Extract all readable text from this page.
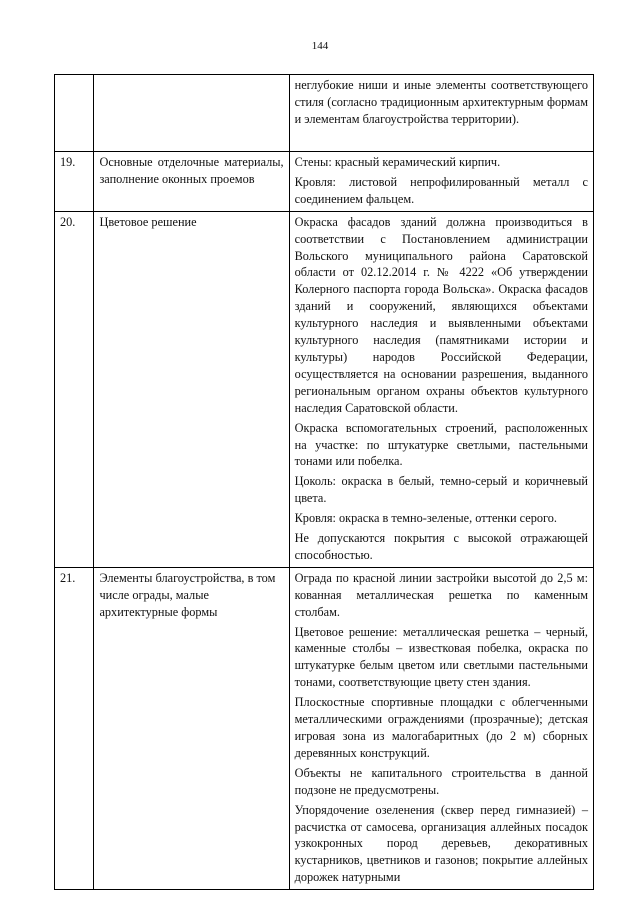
144

		неглубокие ниши и иные элементы соответствующего стиля (согласно традиционным архитектурным формам и элементам благоустройства территории).

19.	Основные отделочные материалы, заполнение оконных проемов	Стены: красный керамический кирпич.

Кровля: листовой непрофилированный металл с соединением фальцем.

20.	Цветовое решение	Окраска фасадов зданий должна производиться в соответствии с Постановлением администрации Вольского муниципального района Саратовской области от 02.12.2014 г. № 4222 «Об утверждении Колерного паспорта города Вольска». Окраска фасадов зданий и сооружений, являющихся объектами культурного наследия и выявленными объектами культурного наследия (памятниками истории и культуры) народов Российской Федерации, осуществляется на основании разрешения, выданного региональным органом охраны объектов культурного наследия Саратовской области.

Окраска вспомогательных строений, расположенных на участке: по штукатурке светлыми, пастельными тонами или побелка.

Цоколь: окраска в белый, темно-серый и коричневый цвета.

Кровля: окраска в темно-зеленые, оттенки серого.

Не допускаются покрытия с высокой отражающей способностью.

21.	Элементы благоустройства, в том числе ограды, малые архитектурные формы	Ограда по красной линии застройки высотой до 2,5 м: кованная металлическая решетка по каменным столбам.

Цветовое решение: металлическая решетка – черный, каменные столбы – известковая побелка, окраска по штукатурке белым цветом или светлыми пастельными тонами, соответствующие цвету стен здания.

Плоскостные спортивные площадки с облегченными металлическими ограждениями (прозрачные); детская игровая зона из малогабаритных (до 2 м) сборных деревянных конструкций.

Объекты не капитального строительства в данной подзоне не предусмотрены.

Упорядочение озеленения (сквер перед гимназией) – расчистка от самосева, организация аллейных посадок узкокронных пород деревьев, декоративных кустарников, цветников и газонов; покрытие аллейных дорожек натурными
